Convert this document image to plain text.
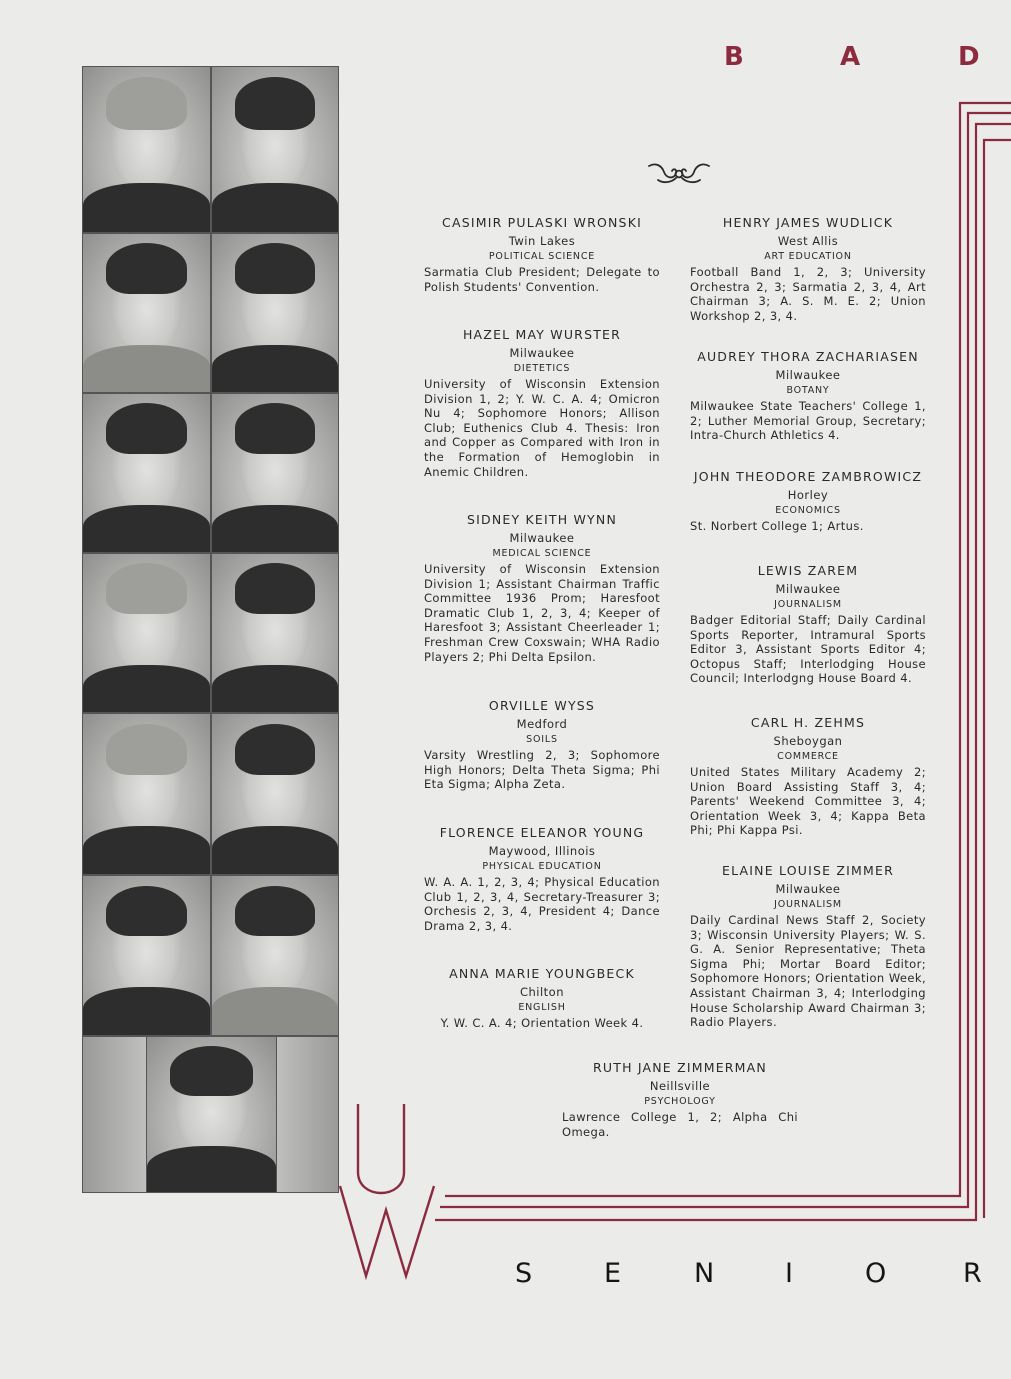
B	A	D
CASIMIR PULASKI WRONSKI
Twin Lakes
POLITICAL SCIENCE
Sarmatia Club President; Delegate to Polish Students' Convention.
HAZEL MAY WURSTER
Milwaukee
DIETETICS
University of Wisconsin Extension Division 1, 2; Y. W. C. A. 4; Omicron Nu 4; Sophomore Honors; Allison Club; Euthenics Club 4. Thesis: Iron and Copper as Compared with Iron in the Formation of Hemoglobin in Anemic Children.
SIDNEY KEITH WYNN
Milwaukee
MEDICAL SCIENCE
University of Wisconsin Extension Division 1; Assistant Chairman Traffic Committee 1936 Prom; Haresfoot Dramatic Club 1, 2, 3, 4; Keeper of Haresfoot 3; Assistant Cheerleader 1; Freshman Crew Coxswain; WHA Radio Players 2; Phi Delta Epsilon.
ORVILLE WYSS
Medford
SOILS
Varsity Wrestling 2, 3; Sophomore High Honors; Delta Theta Sigma; Phi Eta Sigma; Alpha Zeta.
FLORENCE ELEANOR YOUNG
Maywood, Illinois
PHYSICAL EDUCATION
W. A. A. 1, 2, 3, 4; Physical Education Club 1, 2, 3, 4, Secretary-Treasurer 3; Orchesis 2, 3, 4, President 4; Dance Drama 2, 3, 4.
ANNA MARIE YOUNGBECK
Chilton
ENGLISH
Y. W. C. A. 4; Orientation Week 4.
HENRY JAMES WUDLICK
West Allis
ART EDUCATION
Football Band 1, 2, 3; University Orchestra 2, 3; Sarmatia 2, 3, 4, Art Chairman 3; A. S. M. E. 2; Union Workshop 2, 3, 4.
AUDREY THORA ZACHARIASEN
Milwaukee
BOTANY
Milwaukee State Teachers' College 1, 2; Luther Memorial Group, Secretary; Intra-Church Athletics 4.
JOHN THEODORE ZAMBROWICZ
Horley
ECONOMICS
St. Norbert College 1; Artus.
LEWIS ZAREM
Milwaukee
JOURNALISM
Badger Editorial Staff; Daily Cardinal Sports Reporter, Intramural Sports Editor 3, Assistant Sports Editor 4; Octopus Staff; Interlodging House Council; Interlodgng House Board 4.
CARL H. ZEHMS
Sheboygan
COMMERCE
United States Military Academy 2; Union Board Assisting Staff 3, 4; Parents' Weekend Committee 3, 4; Orientation Week 3, 4; Kappa Beta Phi; Phi Kappa Psi.
ELAINE LOUISE ZIMMER
Milwaukee
JOURNALISM
Daily Cardinal News Staff 2, Society 3; Wisconsin University Players; W. S. G. A. Senior Representative; Theta Sigma Phi; Mortar Board Editor; Sophomore Honors; Orientation Week, Assistant Chairman 3, 4; Interlodging House Scholarship Award Chairman 3; Radio Players.
RUTH JANE ZIMMERMAN
Neillsville
PSYCHOLOGY
Lawrence College 1, 2; Alpha Chi Omega.
S	E	N	I	O	R
